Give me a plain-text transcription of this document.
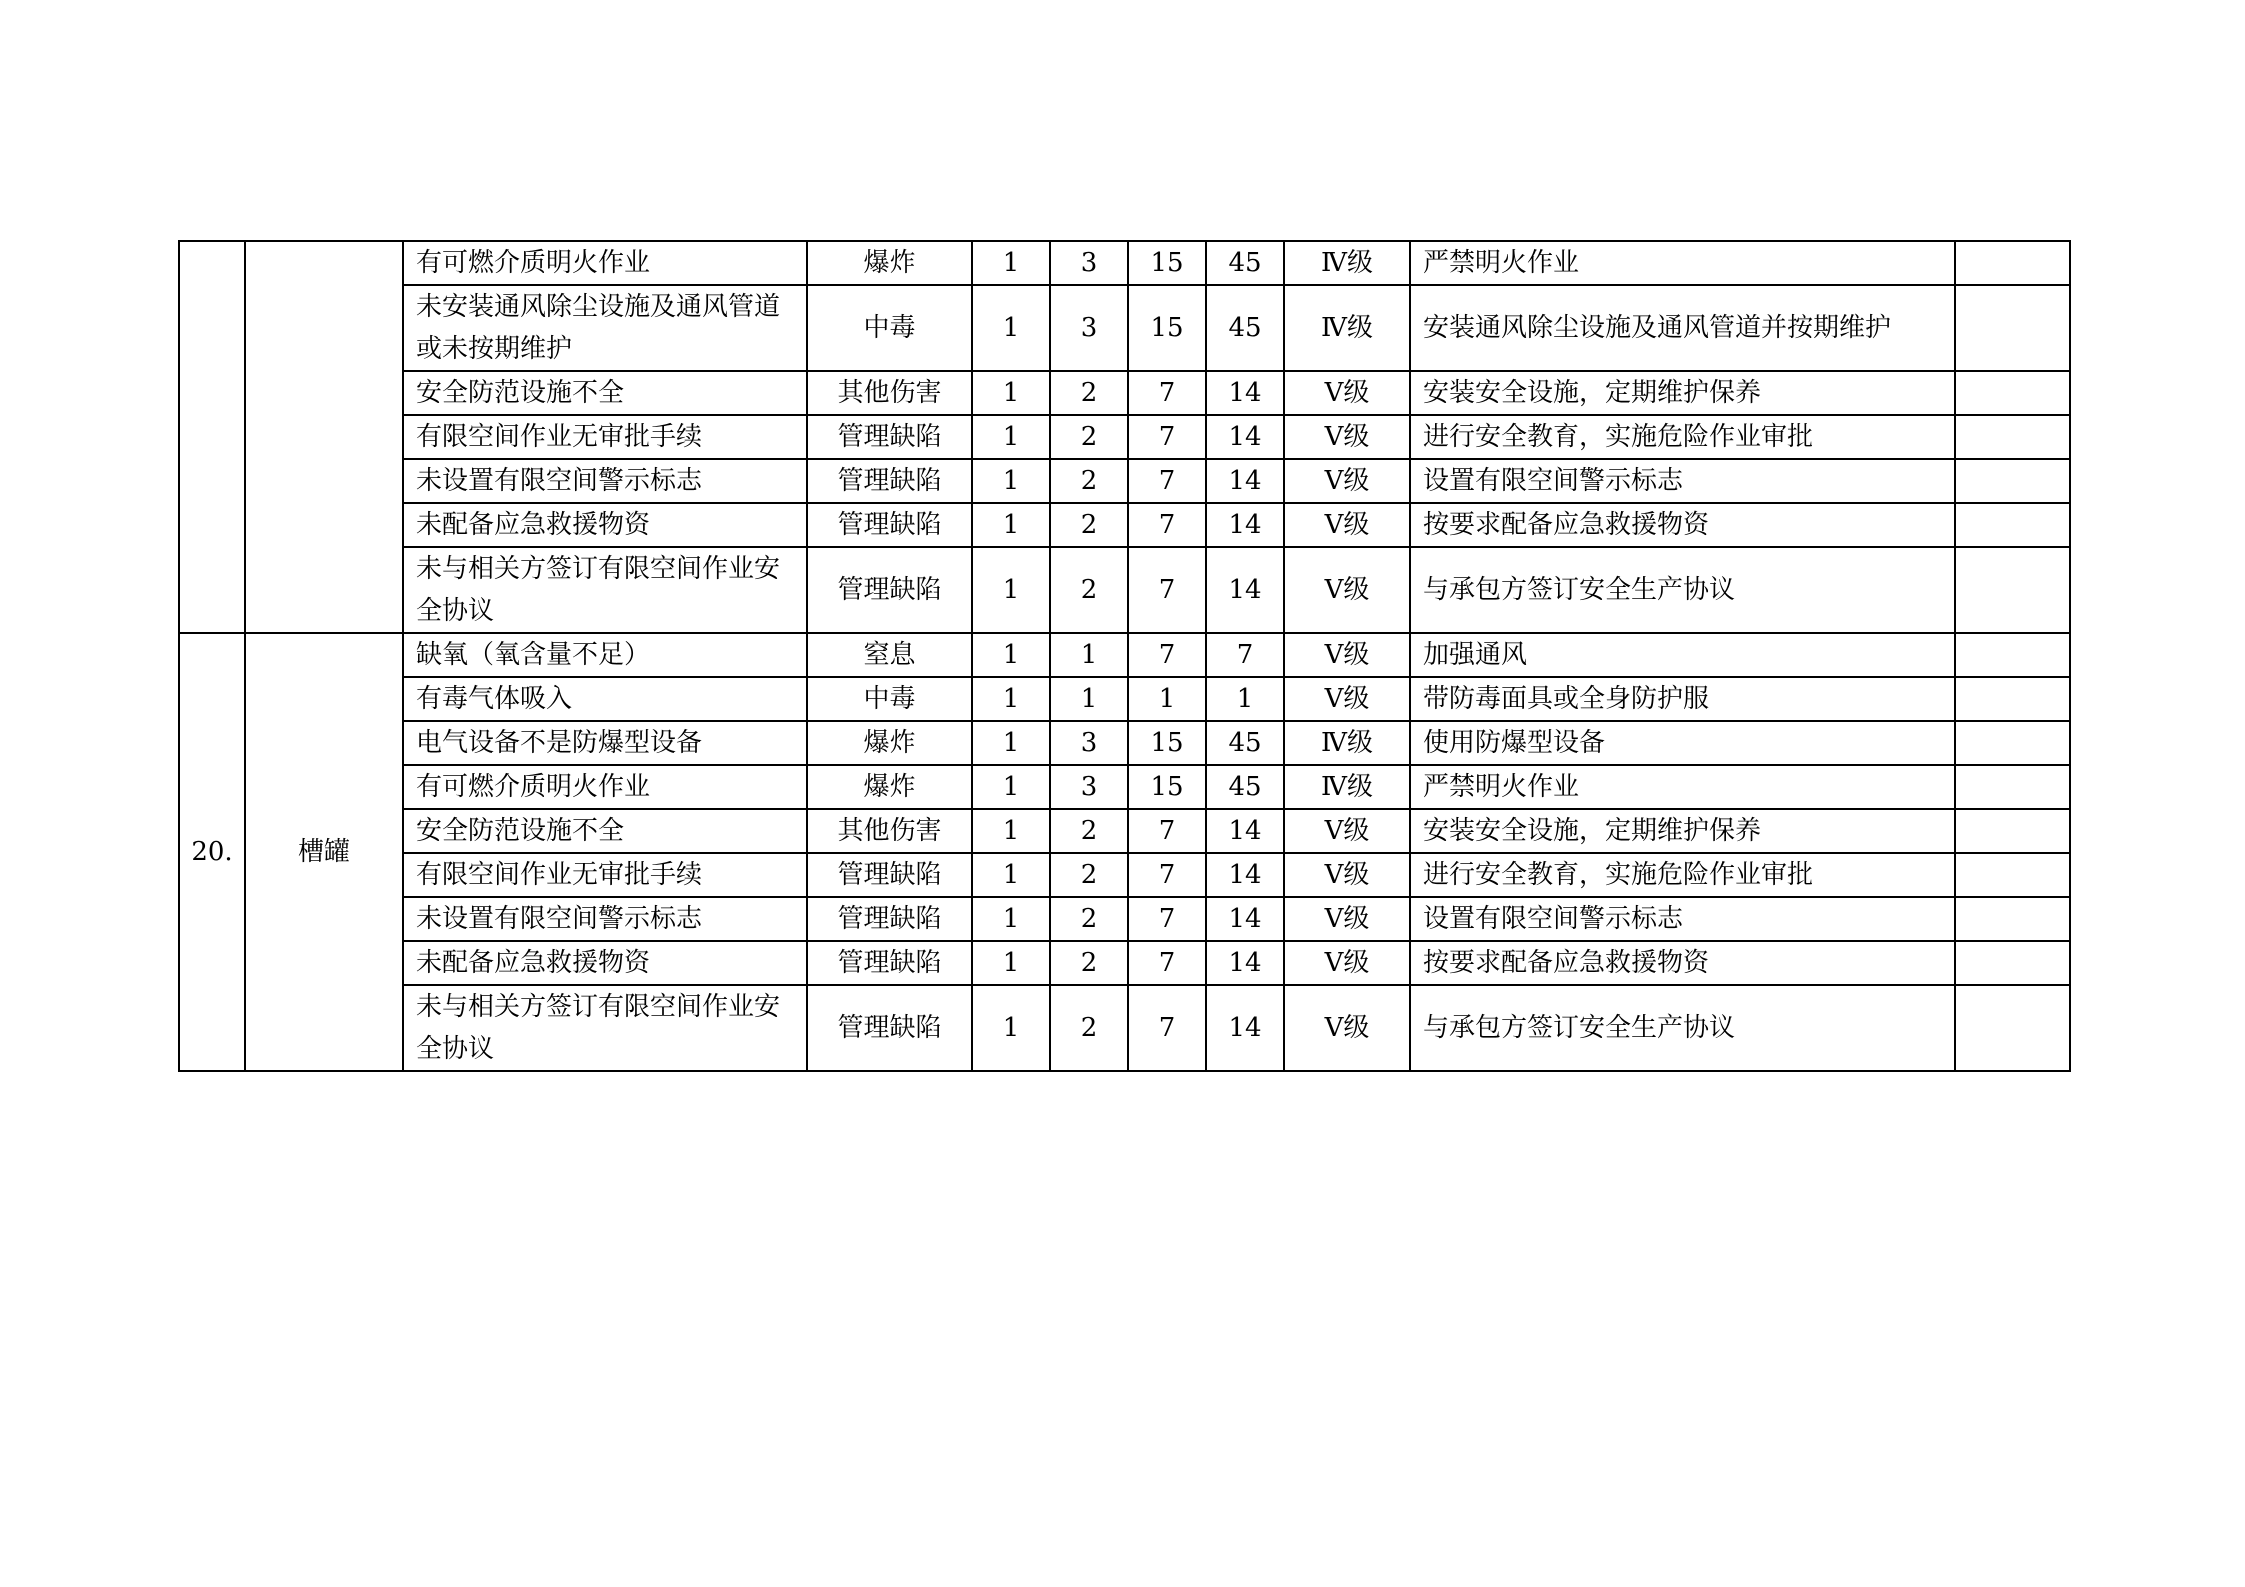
		有可燃介质明火作业	爆炸	1	3	15	45	Ⅳ级	严禁明火作业	
		未安装通风除尘设施及通风管道或未按期维护	中毒	1	3	15	45	Ⅳ级	安装通风除尘设施及通风管道并按期维护	
		安全防范设施不全	其他伤害	1	2	7	14	Ⅴ级	安装安全设施，定期维护保养	
		有限空间作业无审批手续	管理缺陷	1	2	7	14	Ⅴ级	进行安全教育，实施危险作业审批	
		未设置有限空间警示标志	管理缺陷	1	2	7	14	Ⅴ级	设置有限空间警示标志	
		未配备应急救援物资	管理缺陷	1	2	7	14	Ⅴ级	按要求配备应急救援物资	
		未与相关方签订有限空间作业安全协议	管理缺陷	1	2	7	14	Ⅴ级	与承包方签订安全生产协议	
20.	槽罐	缺氧（氧含量不足）	窒息	1	1	7	7	Ⅴ级	加强通风	
		有毒气体吸入	中毒	1	1	1	1	Ⅴ级	带防毒面具或全身防护服	
		电气设备不是防爆型设备	爆炸	1	3	15	45	Ⅳ级	使用防爆型设备	
		有可燃介质明火作业	爆炸	1	3	15	45	Ⅳ级	严禁明火作业	
		安全防范设施不全	其他伤害	1	2	7	14	Ⅴ级	安装安全设施，定期维护保养	
		有限空间作业无审批手续	管理缺陷	1	2	7	14	Ⅴ级	进行安全教育，实施危险作业审批	
		未设置有限空间警示标志	管理缺陷	1	2	7	14	Ⅴ级	设置有限空间警示标志	
		未配备应急救援物资	管理缺陷	1	2	7	14	Ⅴ级	按要求配备应急救援物资	
		未与相关方签订有限空间作业安全协议	管理缺陷	1	2	7	14	Ⅴ级	与承包方签订安全生产协议	
